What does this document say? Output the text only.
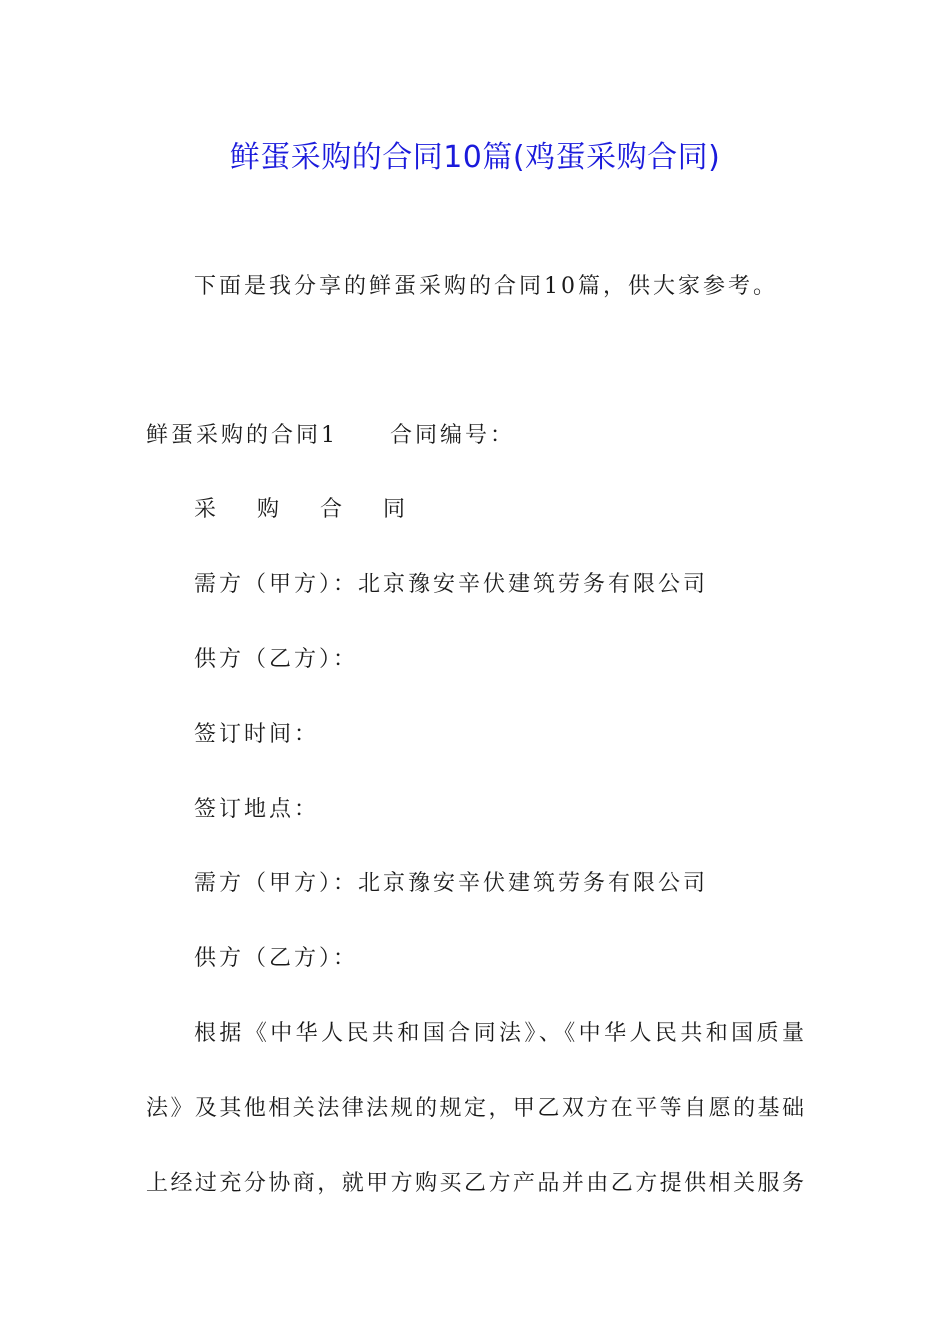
鲜蛋采购的合同10篇(鸡蛋采购合同)
下面是我分享的鲜蛋采购的合同10篇，供大家参考。
鲜蛋采购的合同1 合同编号：
采 购 合 同
需方（甲方）：北京豫安辛伏建筑劳务有限公司
供方（乙方）：
签订时间：
签订地点：
需方（甲方）：北京豫安辛伏建筑劳务有限公司
供方（乙方）：
根据《中华人民共和国合同法》、《中华人民共和国质量
法》及其他相关法律法规的规定，甲乙双方在平等自愿的基础
上经过充分协商，就甲方购买乙方产品并由乙方提供相关服务
